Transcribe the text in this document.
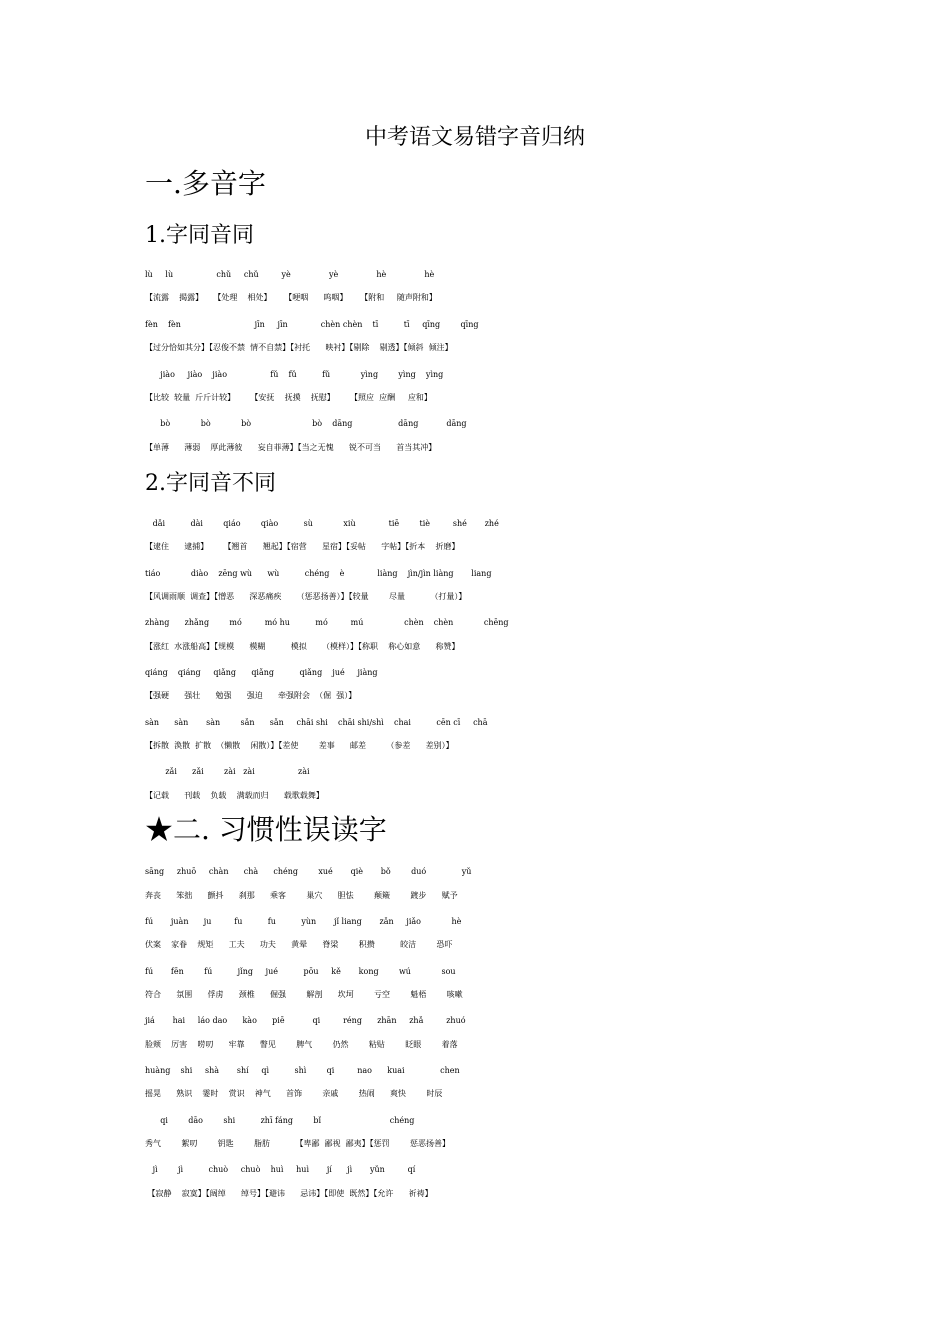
中考语文易错字音归纳
一.多音字
1.字同音同
lù     lù                 chǔ     chǔ         yè               yè               hè               hè
【流露    揭露】    【处理    相处】     【哽咽      呜咽】     【附和     随声附和】
fèn    fèn                             jīn     jīn             chèn chèn    tī          tī     qīng        qīng
【过分恰如其分】【忍俊不禁  情不自禁】【衬托      映衬】【剔除    剔透】【倾斜  倾注】
jiào     jiào    jiào                 fǔ    fǔ          fǔ            yìng        yìng    yìng
【比较  较量  斤斤计较】      【安抚    抚摸    抚慰】      【照应  应酬     应和】
bò            bò            bò                        bò    dāng                  dāng           dāng
【单薄      薄弱    厚此薄彼      妄自菲薄】【当之无愧      锐不可当      首当其冲】
2.字同音不同
dǎi          dài        qiáo        qiào          sù            xiù             tiē        tiè         shé       zhé
【逮住      逮捕】      【翘首      翘起】【宿营      星宿】【妥帖      字帖】【折本    折磨】
tiáo            diào    zēng wù      wù          chéng    è             liàng    jìn/jìn liàng       liang
【风调雨顺  调查】【憎恶      深恶痛疾      （惩恶扬善）】【较量        尽量          （打量）】
zhàng      zhǎng        mó         mó hu          mó         mú                chèn    chèn            chēng
【涨红  水涨船高】【规模      模糊          模拟      （模样）】【称职    称心如意      称赞】
qiáng    qiáng     qiǎng      qiǎng          qiǎng    jué     jiàng
【强硬      强壮      勉强      强迫      牵强附会  （倔  强）】
sàn      sàn       sàn        sǎn      sǎn     chāi shi    chāi shi/shì    chai          cēn cī     chā
【拆散  涣散  扩散  （懒散    闲散）】【差使        差事      邮差        （参差      差别）】
zǎi      zǎi        zài   zài                 zài
【记载      刊载    负载    满载而归      载歌载舞】
★二. 习惯性误读字
sāng     zhuō     chàn      chà      chéng        xué       qiè       bǒ        duó              yǔ
奔丧      笨拙      颤抖      刹那      乘客        巢穴      胆怯        颠簸        踱步      赋予
fú       juàn      ju         fu          fu          yùn       jǐ liang       zǎn     jiǎo            hè
伏案    家眷    规矩      工夫      功夫      黄晕      脊梁        积攒          皎洁        恐吓
fú       fēn        fú          jǐng     jué          pōu     kě       kong        wú            sou
符合      氛围      俘虏      颈椎      倔强        解剖      坎坷        亏空        魁梧        咳嗽
jiá       hai     láo dao      kào      piē           qi         réng      zhān     zhǎ         zhuó
脸颊    厉害    唠叨      牢靠      瞥见        脾气        仍然        粘贴        眨眼        着落
huàng    shi     shà       shí     qì          shì        qi         nao      kuai              chen
摇晃      熟识    霎时    赏识    神气      首饰        亲戚        热闹      爽快        时辰
qi        dāo        shi          zhī fáng        bǐ                           chéng
秀气        絮叨        钥匙        脂肪          【卑鄙  鄙视  鄙夷】【惩罚        惩恶扬善】
jì        jì          chuò     chuò    huì     huì       jí      jì       yǔn         qí
【寂静    寂寞】【阔绰      绰号】【避讳      忌讳】【即使  既然】【允许      祈祷】
